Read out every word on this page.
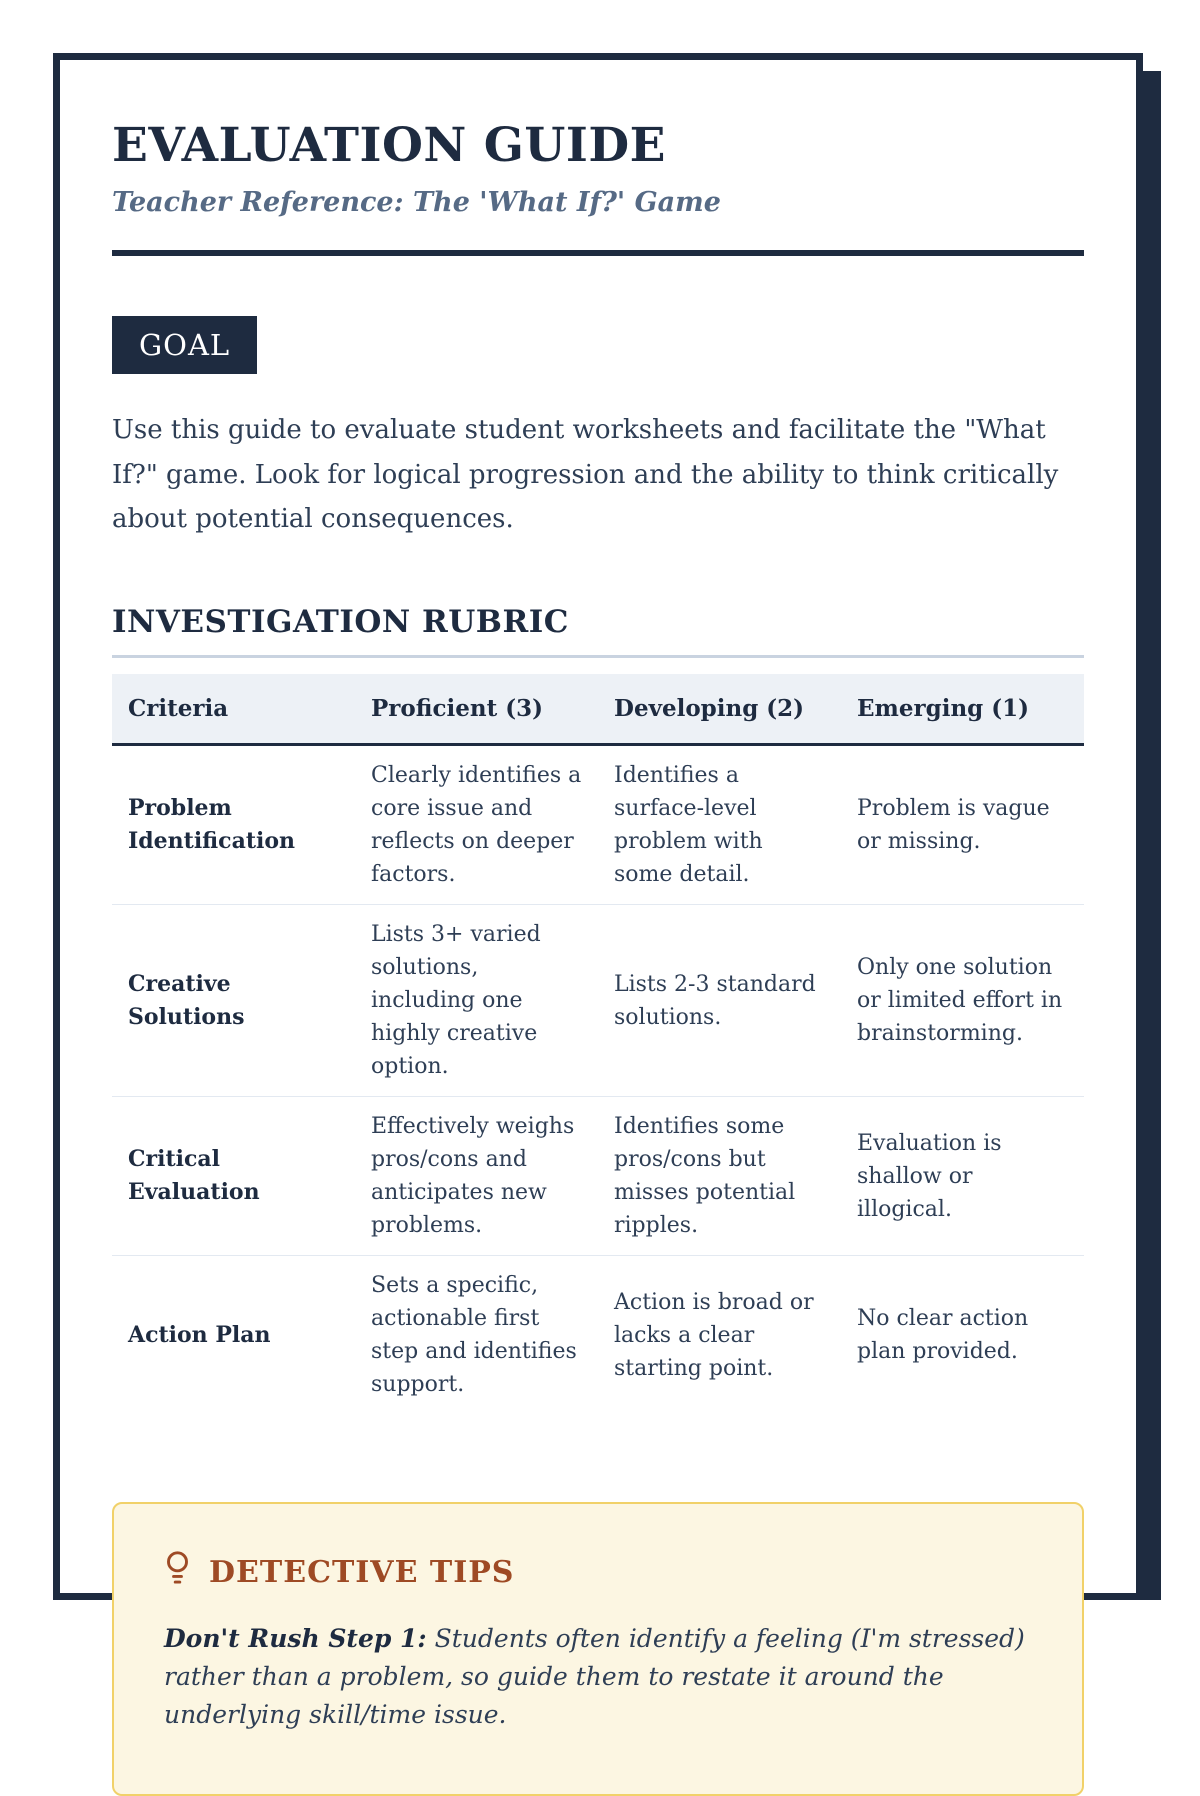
EVALUATION GUIDE

Teacher Reference: The 'What If?' Game

GOAL

Use this guide to evaluate student worksheets and facilitate the "What If?" game. Look for logical progression and the ability to think critically about potential consequences.

INVESTIGATION RUBRIC
Criteria	Proficient (3)	Developing (2)	Emerging (1)
Problem Identification	Clearly identifies a core issue and reflects on deeper factors.	Identifies a surface-level problem with some detail.	Problem is vague or missing.
Creative Solutions	Lists 3+ varied solutions, including one highly creative option.	Lists 2-3 standard solutions.	Only one solution or limited effort in brainstorming.
Critical Evaluation	Effectively weighs pros/cons and anticipates new problems.	Identifies some pros/cons but misses potential ripples.	Evaluation is shallow or illogical.
Action Plan	Sets a specific, actionable first step and identifies support.	Action is broad or lacks a clear starting point.	No clear action plan provided.
DETECTIVE TIPS

Don't Rush Step 1: Students often identify a feeling (I'm stressed) rather than a problem, so guide them to restate it around the underlying skill/time issue.
